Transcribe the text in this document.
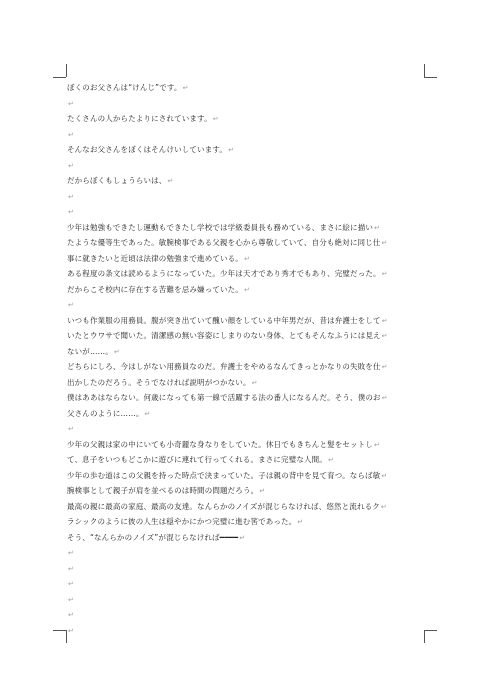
ぼくのお父さんは“けんじ”です。↵
↵
たくさんの人からたよりにされています。↵
↵
そんなお父さんをぼくはそんけいしています。↵
↵
だからぼくもしょうらいは、↵
↵
↵
少年は勉強もできたし運動もできたし学校では学級委員長も務めている、まさに絵に描い↵
たような優等生であった。敏腕検事である父親を心から尊敬していて、自分も絶対に同じ仕↵
事に就きたいと近頃は法律の勉強まで進めている。↵
ある程度の条文は読めるようになっていた。少年は天才であり秀才でもあり、完璧だった。↵
だからこそ校内に存在する苦難を忌み嫌っていた。↵
↵
いつも作業服の用務員。腹が突き出ていて醜い顔をしている中年男だが、昔は弁護士をして↵
いたとウワサで聞いた。清潔感の無い容姿にしまりのない身体、とてもそんなふうには見え↵
ないが……。↵
どちらにしろ、今はしがない用務員なのだ。弁護士をやめるなんてきっとかなりの失敗を仕↵
出かしたのだろう。そうでなければ説明がつかない。↵
僕はああはならない。何歳になっても第一線で活躍する法の番人になるんだ。そう、僕のお↵
父さんのように……。↵
↵
少年の父親は家の中にいても小奇麗な身なりをしていた。休日でもきちんと髪をセットし↵
て、息子をいつもどこかに遊びに連れて行ってくれる。まさに完璧な人間。↵
少年の歩む道はこの父親を持った時点で決まっていた。子は親の背中を見て育つ。ならば敏↵
腕検事として親子が肩を並べるのは時間の問題だろう。↵
最高の親に最高の家庭、最高の友達。なんらかのノイズが混じらなければ、悠然と流れるク↵
ラシックのように彼の人生は穏やかにかつ完璧に進む筈であった。↵
そう、“なんらかのノイズ”が混じらなければ━━━━↵
↵
↵
↵
↵
↵
↵
